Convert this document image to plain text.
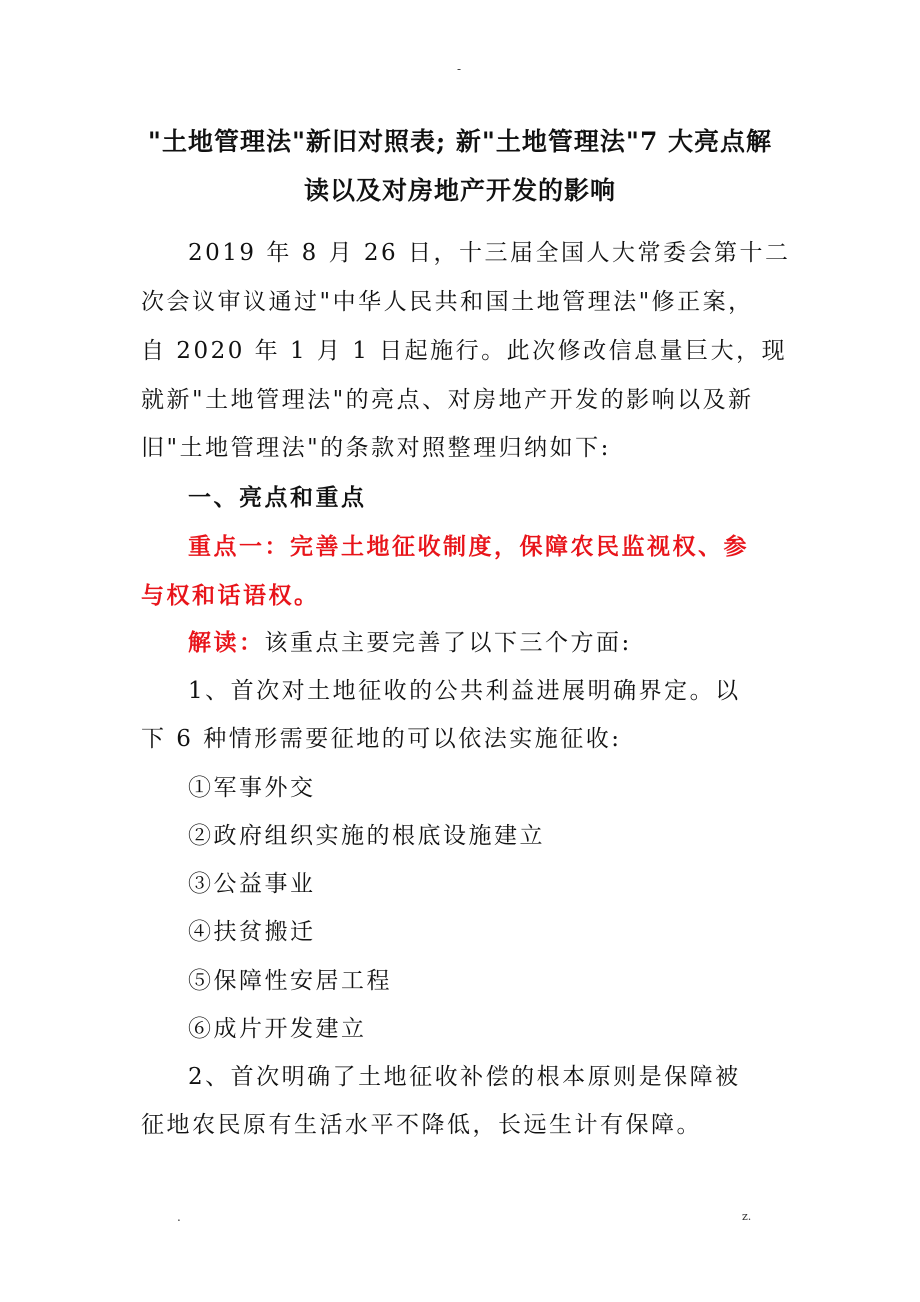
-
"土地管理法"新旧对照表; 新"土地管理法"7 大亮点解
读以及对房地产开发的影响
2019 年 8 月 26 日，十三届全国人大常委会第十二
次会议审议通过"中华人民共和国土地管理法"修正案，
自 2020 年 1 月 1 日起施行。此次修改信息量巨大，现
就新"土地管理法"的亮点、对房地产开发的影响以及新
旧"土地管理法"的条款对照整理归纳如下:
一、亮点和重点
重点一：完善土地征收制度，保障农民监视权、参
与权和话语权。
解读：该重点主要完善了以下三个方面:
1、首次对土地征收的公共利益进展明确界定。以
下 6 种情形需要征地的可以依法实施征收:
①军事外交
②政府组织实施的根底设施建立
③公益事业
④扶贫搬迁
⑤保障性安居工程
⑥成片开发建立
2、首次明确了土地征收补偿的根本原则是保障被
征地农民原有生活水平不降低，长远生计有保障。
.	z.
